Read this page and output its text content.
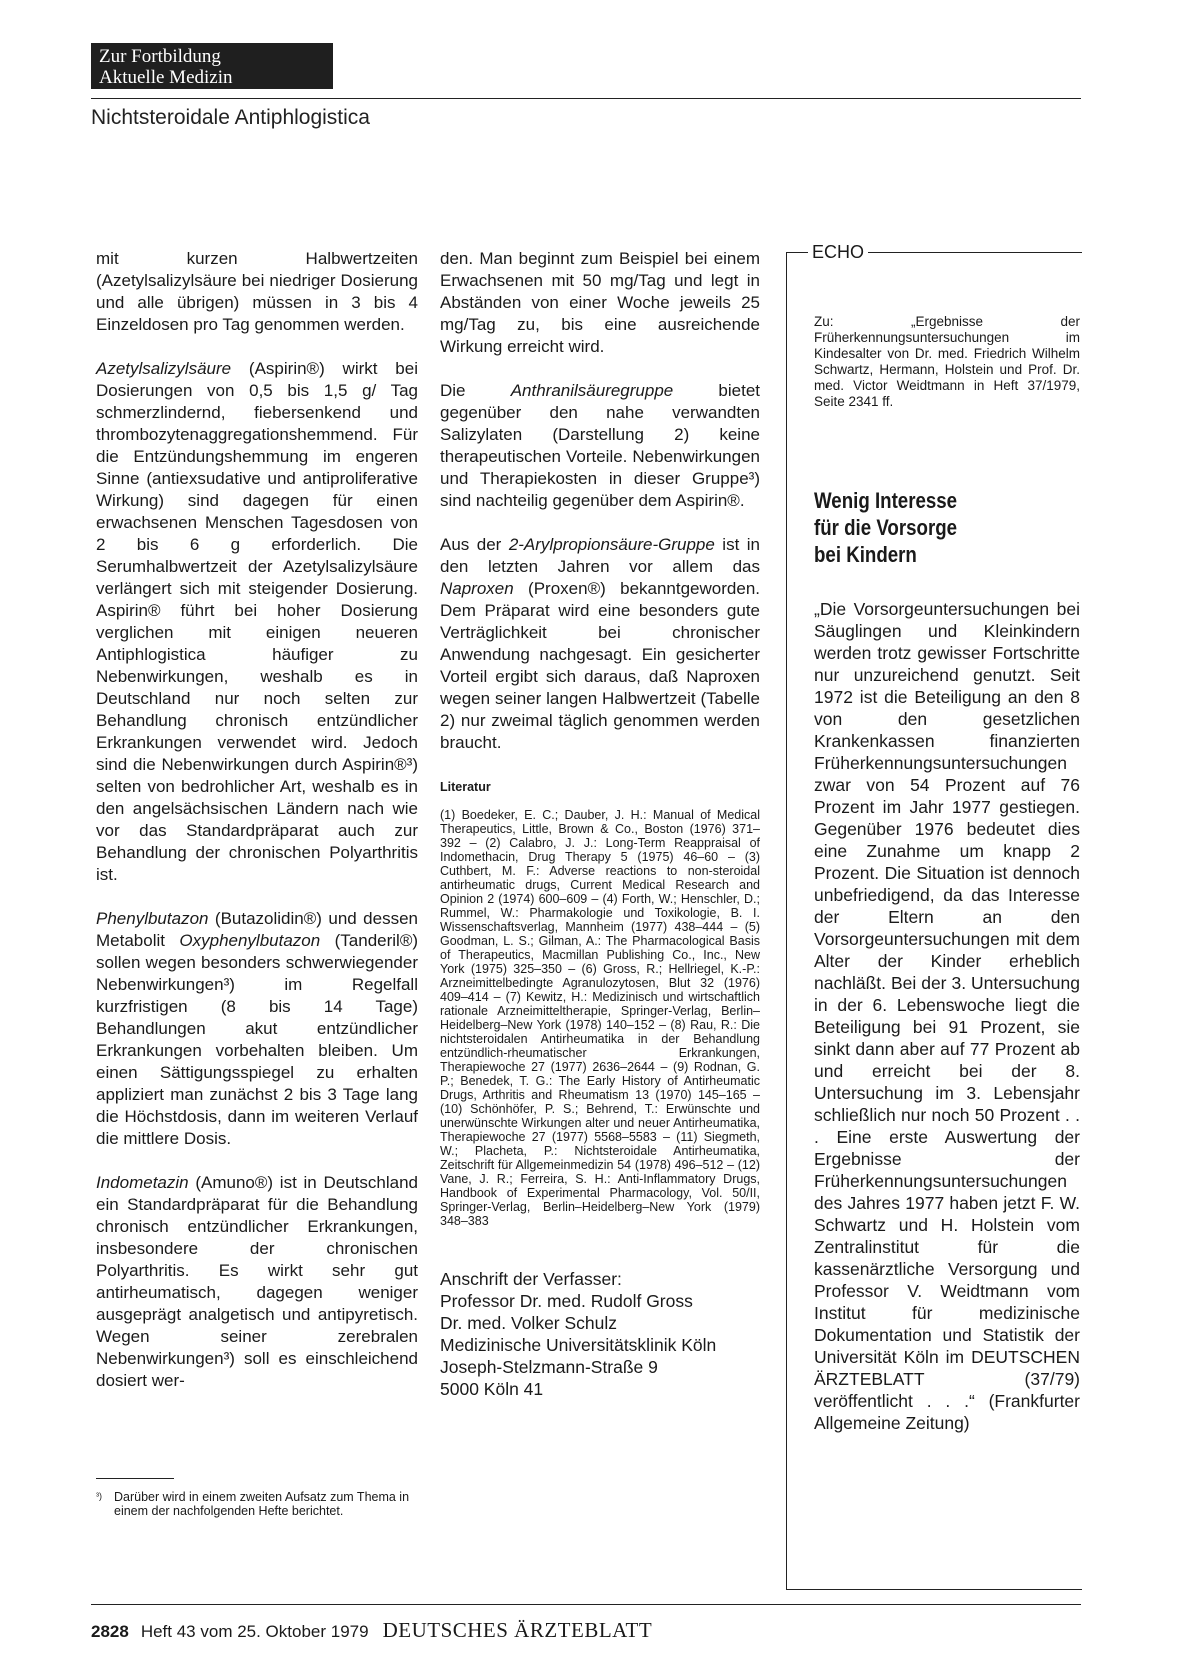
Zur Fortbildung
Aktuelle Medizin
Nichtsteroidale Antiphlogistica

mit kurzen Halbwertzeiten (Azetylsalizylsäure bei niedriger Dosierung und alle übrigen) müssen in 3 bis 4 Einzeldosen pro Tag genommen werden.

Azetylsalizylsäure (Aspirin®) wirkt bei Dosierungen von 0,5 bis 1,5 g/ Tag schmerzlindernd, fiebersenkend und thrombozytenaggregationshemmend. Für die Entzündungshemmung im engeren Sinne (antiexsudative und antiproliferative Wirkung) sind dagegen für einen erwachsenen Menschen Tagesdosen von 2 bis 6 g erforderlich. Die Serumhalbwertzeit der Azetylsalizylsäure verlängert sich mit steigender Dosierung. Aspirin® führt bei hoher Dosierung verglichen mit einigen neueren Antiphlogistica häufiger zu Nebenwirkungen, weshalb es in Deutschland nur noch selten zur Behandlung chronisch entzündlicher Erkrankungen verwendet wird. Jedoch sind die Nebenwirkungen durch Aspirin®³) selten von bedrohlicher Art, weshalb es in den angelsächsischen Ländern nach wie vor das Standardpräparat auch zur Behandlung der chronischen Polyarthritis ist.

Phenylbutazon (Butazolidin®) und dessen Metabolit Oxyphenylbutazon (Tanderil®) sollen wegen besonders schwerwiegender Nebenwirkungen³) im Regelfall kurzfristigen (8 bis 14 Tage) Behandlungen akut entzündlicher Erkrankungen vorbehalten bleiben. Um einen Sättigungsspiegel zu erhalten appliziert man zunächst 2 bis 3 Tage lang die Höchstdosis, dann im weiteren Verlauf die mittlere Dosis.

Indometazin (Amuno®) ist in Deutschland ein Standardpräparat für die Behandlung chronisch entzündlicher Erkrankungen, insbesondere der chronischen Polyarthritis. Es wirkt sehr gut antirheumatisch, dagegen weniger ausgeprägt analgetisch und antipyretisch. Wegen seiner zerebralen Nebenwirkungen³) soll es einschleichend dosiert wer-

³) Darüber wird in einem zweiten Aufsatz zum Thema in einem der nachfolgenden Hefte berichtet.

den. Man beginnt zum Beispiel bei einem Erwachsenen mit 50 mg/Tag und legt in Abständen von einer Woche jeweils 25 mg/Tag zu, bis eine ausreichende Wirkung erreicht wird.

Die Anthranilsäuregruppe bietet gegenüber den nahe verwandten Salizylaten (Darstellung 2) keine therapeutischen Vorteile. Nebenwirkungen und Therapiekosten in dieser Gruppe³) sind nachteilig gegenüber dem Aspirin®.

Aus der 2-Arylpropionsäure-Gruppe ist in den letzten Jahren vor allem das Naproxen (Proxen®) bekanntgeworden. Dem Präparat wird eine besonders gute Verträglichkeit bei chronischer Anwendung nachgesagt. Ein gesicherter Vorteil ergibt sich daraus, daß Naproxen wegen seiner langen Halbwertzeit (Tabelle 2) nur zweimal täglich genommen werden braucht.

Literatur
(1) Boedeker, E. C.; Dauber, J. H.: Manual of Medical Therapeutics, Little, Brown & Co., Boston (1976) 371–392 – (2) Calabro, J. J.: Long-Term Reappraisal of Indomethacin, Drug Therapy 5 (1975) 46–60 – (3) Cuthbert, M. F.: Adverse reactions to non-steroidal antirheumatic drugs, Current Medical Research and Opinion 2 (1974) 600–609 – (4) Forth, W.; Henschler, D.; Rummel, W.: Pharmakologie und Toxikologie, B. I. Wissenschaftsverlag, Mannheim (1977) 438–444 – (5) Goodman, L. S.; Gilman, A.: The Pharmacological Basis of Therapeutics, Macmillan Publishing Co., Inc., New York (1975) 325–350 – (6) Gross, R.; Hellriegel, K.-P.: Arzneimittelbedingte Agranulozytosen, Blut 32 (1976) 409–414 – (7) Kewitz, H.: Medizinisch und wirtschaftlich rationale Arzneimitteltherapie, Springer-Verlag, Berlin–Heidelberg–New York (1978) 140–152 – (8) Rau, R.: Die nichtsteroidalen Antirheumatika in der Behandlung entzündlich-rheumatischer Erkrankungen, Therapiewoche 27 (1977) 2636–2644 – (9) Rodnan, G. P.; Benedek, T. G.: The Early History of Antirheumatic Drugs, Arthritis and Rheumatism 13 (1970) 145–165 – (10) Schönhöfer, P. S.; Behrend, T.: Erwünschte und unerwünschte Wirkungen alter und neuer Antirheumatika, Therapiewoche 27 (1977) 5568–5583 – (11) Siegmeth, W.; Placheta, P.: Nichtsteroidale Antirheumatika, Zeitschrift für Allgemeinmedizin 54 (1978) 496–512 – (12) Vane, J. R.; Ferreira, S. H.: Anti-Inflammatory Drugs, Handbook of Experimental Pharmacology, Vol. 50/II, Springer-Verlag, Berlin–Heidelberg–New York (1979) 348–383
Anschrift der Verfasser:
Professor Dr. med. Rudolf Gross
Dr. med. Volker Schulz
Medizinische Universitätsklinik Köln
Joseph-Stelzmann-Straße 9
5000 Köln 41
ECHO
Zu: „Ergebnisse der Früherkennungsuntersuchungen im Kindesalter von Dr. med. Friedrich Wilhelm Schwartz, Hermann, Holstein und Prof. Dr. med. Victor Weidtmann in Heft 37/1979, Seite 2341 ff.
Wenig Interesse
für die Vorsorge
bei Kindern
„Die Vorsorgeuntersuchungen bei Säuglingen und Kleinkindern werden trotz gewisser Fortschritte nur unzureichend genutzt. Seit 1972 ist die Beteiligung an den 8 von den gesetzlichen Krankenkassen finanzierten Früherkennungsuntersuchungen zwar von 54 Prozent auf 76 Prozent im Jahr 1977 gestiegen. Gegenüber 1976 bedeutet dies eine Zunahme um knapp 2 Prozent. Die Situation ist dennoch unbefriedigend, da das Interesse der Eltern an den Vorsorgeuntersuchungen mit dem Alter der Kinder erheblich nachläßt. Bei der 3. Untersuchung in der 6. Lebenswoche liegt die Beteiligung bei 91 Prozent, sie sinkt dann aber auf 77 Prozent ab und erreicht bei der 8. Untersuchung im 3. Lebensjahr schließlich nur noch 50 Prozent . . . Eine erste Auswertung der Ergebnisse der Früherkennungsuntersuchungen des Jahres 1977 haben jetzt F. W. Schwartz und H. Holstein vom Zentralinstitut für die kassenärztliche Versorgung und Professor V. Weidtmann vom Institut für medizinische Dokumentation und Statistik der Universität Köln im DEUTSCHEN ÄRZTEBLATT (37/79) veröffentlicht . . .“ (Frankfurter Allgemeine Zeitung)
2828 Heft 43 vom 25. Oktober 1979 DEUTSCHES ÄRZTEBLATT
